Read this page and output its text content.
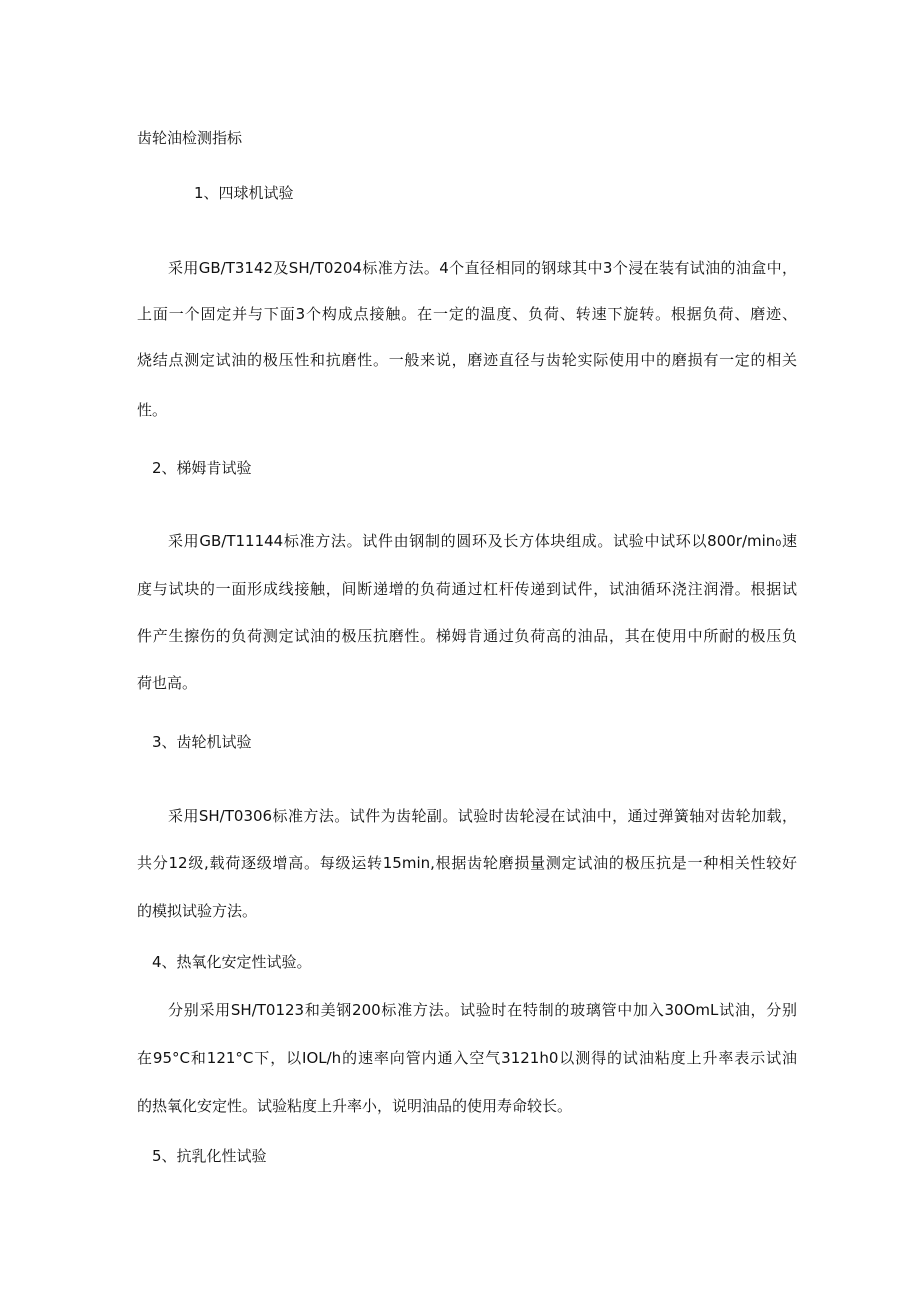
齿轮油检测指标
1、四球机试验
采用GB/T3142及SH/T0204标准方法。4个直径相同的钢球其中3个浸在装有试油的油盒中，
上面一个固定并与下面3个构成点接触。在一定的温度、负荷、转速下旋转。根据负荷、磨迹、
烧结点测定试油的极压性和抗磨性。一般来说，磨迹直径与齿轮实际使用中的磨损有一定的相关
性。
2、梯姆肯试验
采用GB/T11144标准方法。试件由钢制的圆环及长方体块组成。试验中试环以800r/min₀速
度与试块的一面形成线接触，间断递增的负荷通过杠杆传递到试件，试油循环浇注润滑。根据试
件产生擦伤的负荷测定试油的极压抗磨性。梯姆肯通过负荷高的油品，其在使用中所耐的极压负
荷也高。
3、齿轮机试验
采用SH/T0306标准方法。试件为齿轮副。试验时齿轮浸在试油中，通过弹簧轴对齿轮加载，
共分12级,载荷逐级增高。每级运转15min,根据齿轮磨损量测定试油的极压抗是一种相关性较好
的模拟试验方法。
4、热氧化安定性试验。
分别采用SH/T0123和美钢200标准方法。试验时在特制的玻璃管中加入30OmL试油，分别
在95°C和121°C下，以IOL/h的速率向管内通入空气3121h0以测得的试油粘度上升率表示试油
的热氧化安定性。试验粘度上升率小，说明油品的使用寿命较长。
5、抗乳化性试验
